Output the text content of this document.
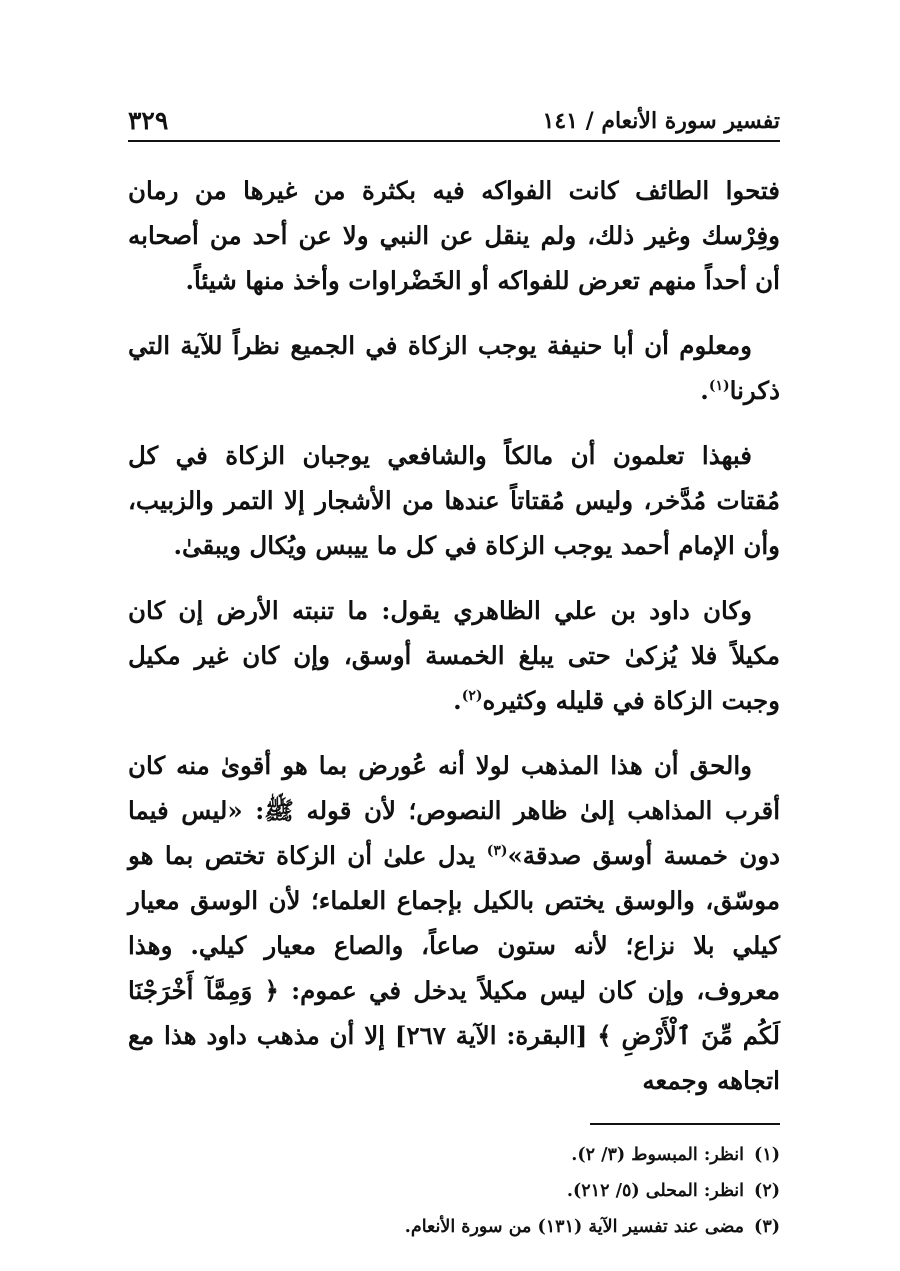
تفسير سورة الأنعام / ١٤١
٣٢٩

فتحوا الطائف كانت الفواكه فيه بكثرة من غيرها من رمان وفِرْسك وغير ذلك، ولم ينقل عن النبي ولا عن أحد من أصحابه أن أحداً منهم تعرض للفواكه أو الخَضْراوات وأخذ منها شيئاً.

ومعلوم أن أبا حنيفة يوجب الزكاة في الجميع نظراً للآية التي ذكرنا$^{(١)}$.

فبهذا تعلمون أن مالكاً والشافعي يوجبان الزكاة في كل مُقتات مُدَّخر، وليس مُقتاتاً عندها من الأشجار إلا التمر والزبيب، وأن الإمام أحمد يوجب الزكاة في كل ما ييبس ويُكال ويبقىٰ.

وكان داود بن علي الظاهري يقول: ما تنبته الأرض إن كان مكيلاً فلا يُزكىٰ حتى يبلغ الخمسة أوسق، وإن كان غير مكيل وجبت الزكاة في قليله وكثيره$^{(٢)}$.

والحق أن هذا المذهب لولا أنه عُورض بما هو أقوىٰ منه كان أقرب المذاهب إلىٰ ظاهر النصوص؛ لأن قوله ﷺ: «ليس فيما دون خمسة أوسق صدقة»$^{(٣)}$ يدل علىٰ أن الزكاة تختص بما هو موسّق، والوسق يختص بالكيل بإجماع العلماء؛ لأن الوسق معيار كيلي بلا نزاع؛ لأنه ستون صاعاً، والصاع معيار كيلي. وهذا معروف، وإن كان ليس مكيلاً يدخل في عموم: ﴿ وَمِمَّآ أَخْرَجْنَا لَكُم مِّنَ ٱلْأَرْضِ ﴾ [البقرة: الآية ٢٦٧] إلا أن مذهب داود هذا مع اتجاهه وجمعه

(١)انظر: المبسوط (٣/ ٢).
(٢)انظر: المحلى (٥/ ٢١٢).
(٣)مضى عند تفسير الآية (١٣١) من سورة الأنعام.
